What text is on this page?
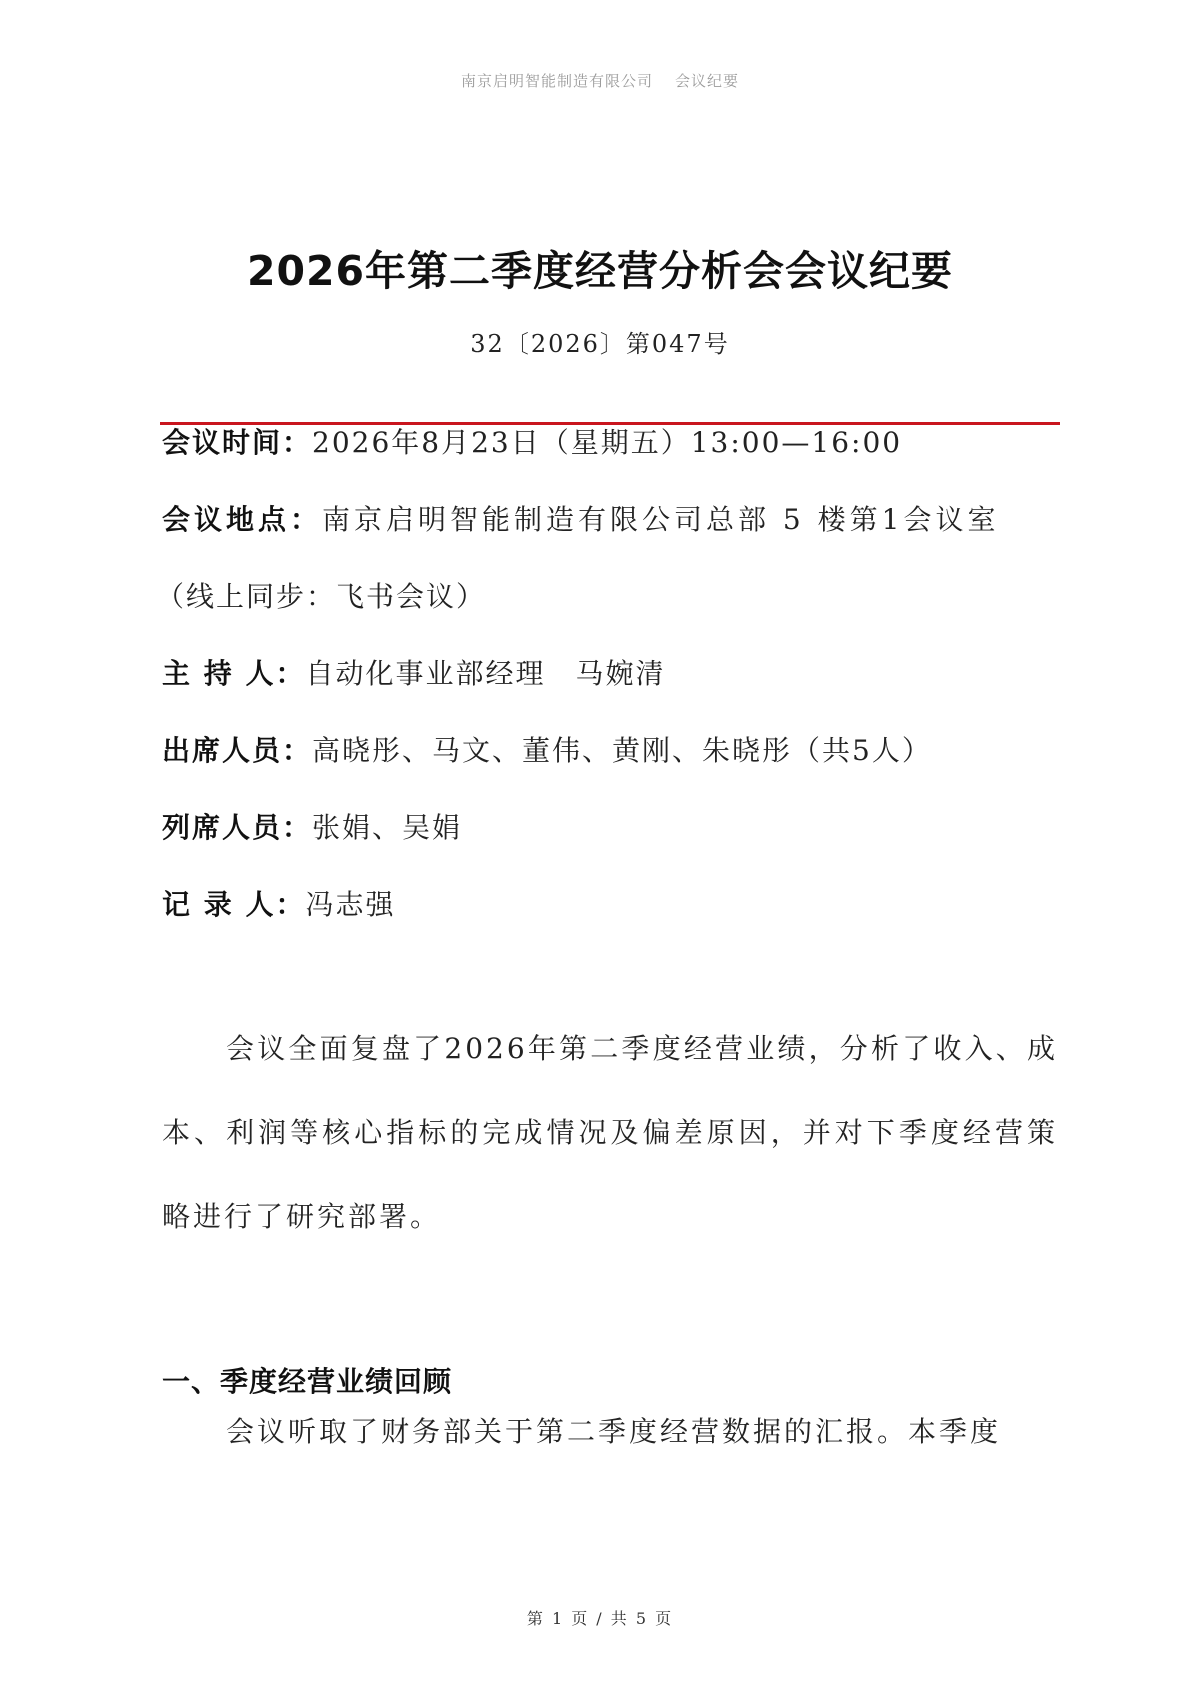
南京启明智能制造有限公司 会议纪要
2026年第二季度经营分析会会议纪要
32〔2026〕第047号
会议时间：2026年8月23日（星期五）13:00—16:00
会议地点：南京启明智能制造有限公司总部 5 楼第1会议室
（线上同步：飞书会议）
主 持 人：自动化事业部经理　马婉清
出席人员：高晓彤、马文、董伟、黄刚、朱晓彤（共5人）
列席人员：张娟、吴娟
记 录 人：冯志强
会议全面复盘了2026年第二季度经营业绩，分析了收入、成本、利润等核心指标的完成情况及偏差原因，并对下季度经营策略进行了研究部署。
一、季度经营业绩回顾
会议听取了财务部关于第二季度经营数据的汇报。本季度
第 1 页 / 共 5 页
